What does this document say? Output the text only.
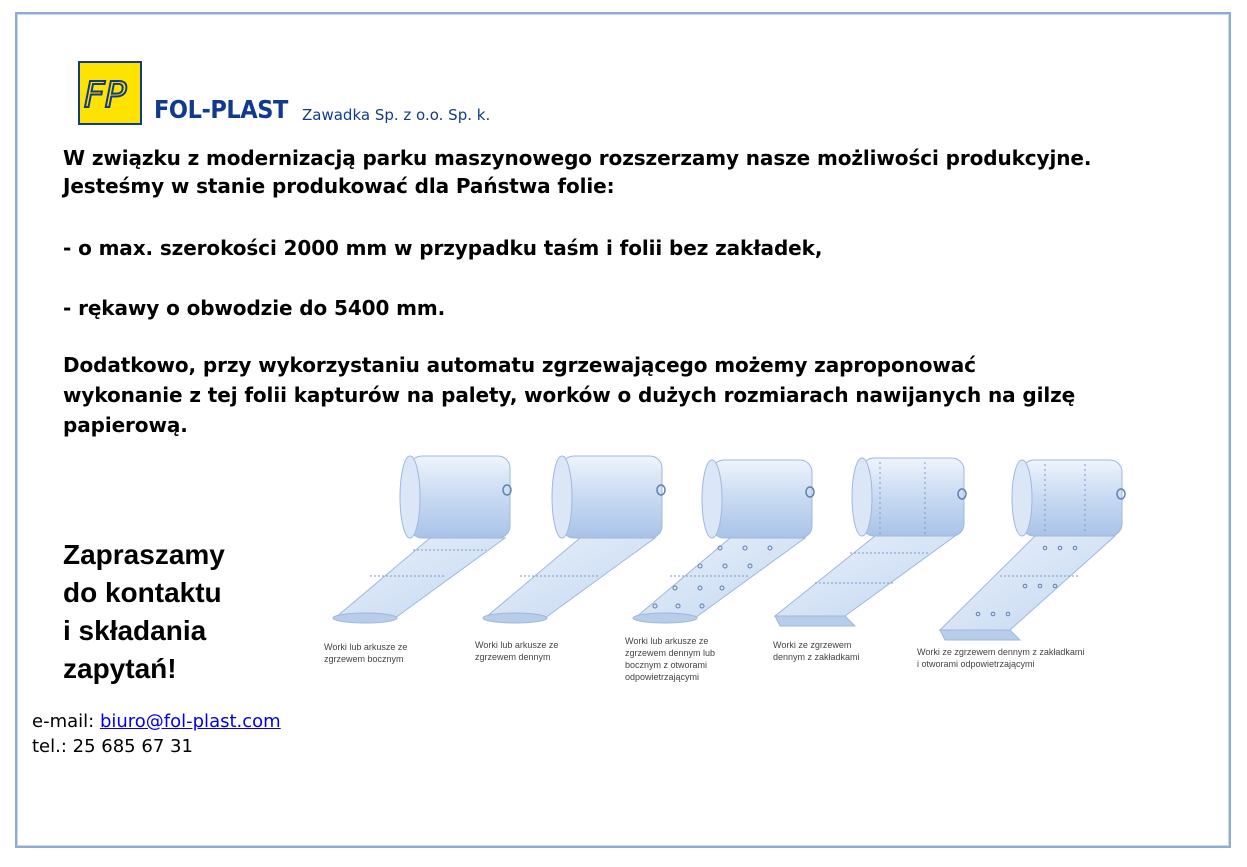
FP FOL-PLAST Zawadka Sp. z o.o. Sp. k.
W związku z modernizacją parku maszynowego rozszerzamy nasze możliwości produkcyjne.
Jesteśmy w stanie produkować dla Państwa folie:
- o max. szerokości 2000 mm w przypadku taśm i folii bez zakładek,
- rękawy o obwodzie do 5400 mm.
Dodatkowo, przy wykorzystaniu automatu zgrzewającego możemy zaproponować
wykonanie z tej folii kapturów na palety, worków o dużych rozmiarach nawijanych na gilzę
papierową.
Zapraszamy
do kontaktu
i składania
zapytań!
e-mail: biuro@fol-plast.com
tel.: 25 685 67 31
Worki lub arkusze ze
zgrzewem bocznym
Worki lub arkusze ze
zgrzewem dennym
Worki lub arkusze ze
zgrzewem dennym lub
bocznym z otworami
odpowietrzającymi
Worki ze zgrzewem
dennym z zakładkami	Worki ze zgrzewem dennym z zakładkami
i otworami odpowietrzającymi
